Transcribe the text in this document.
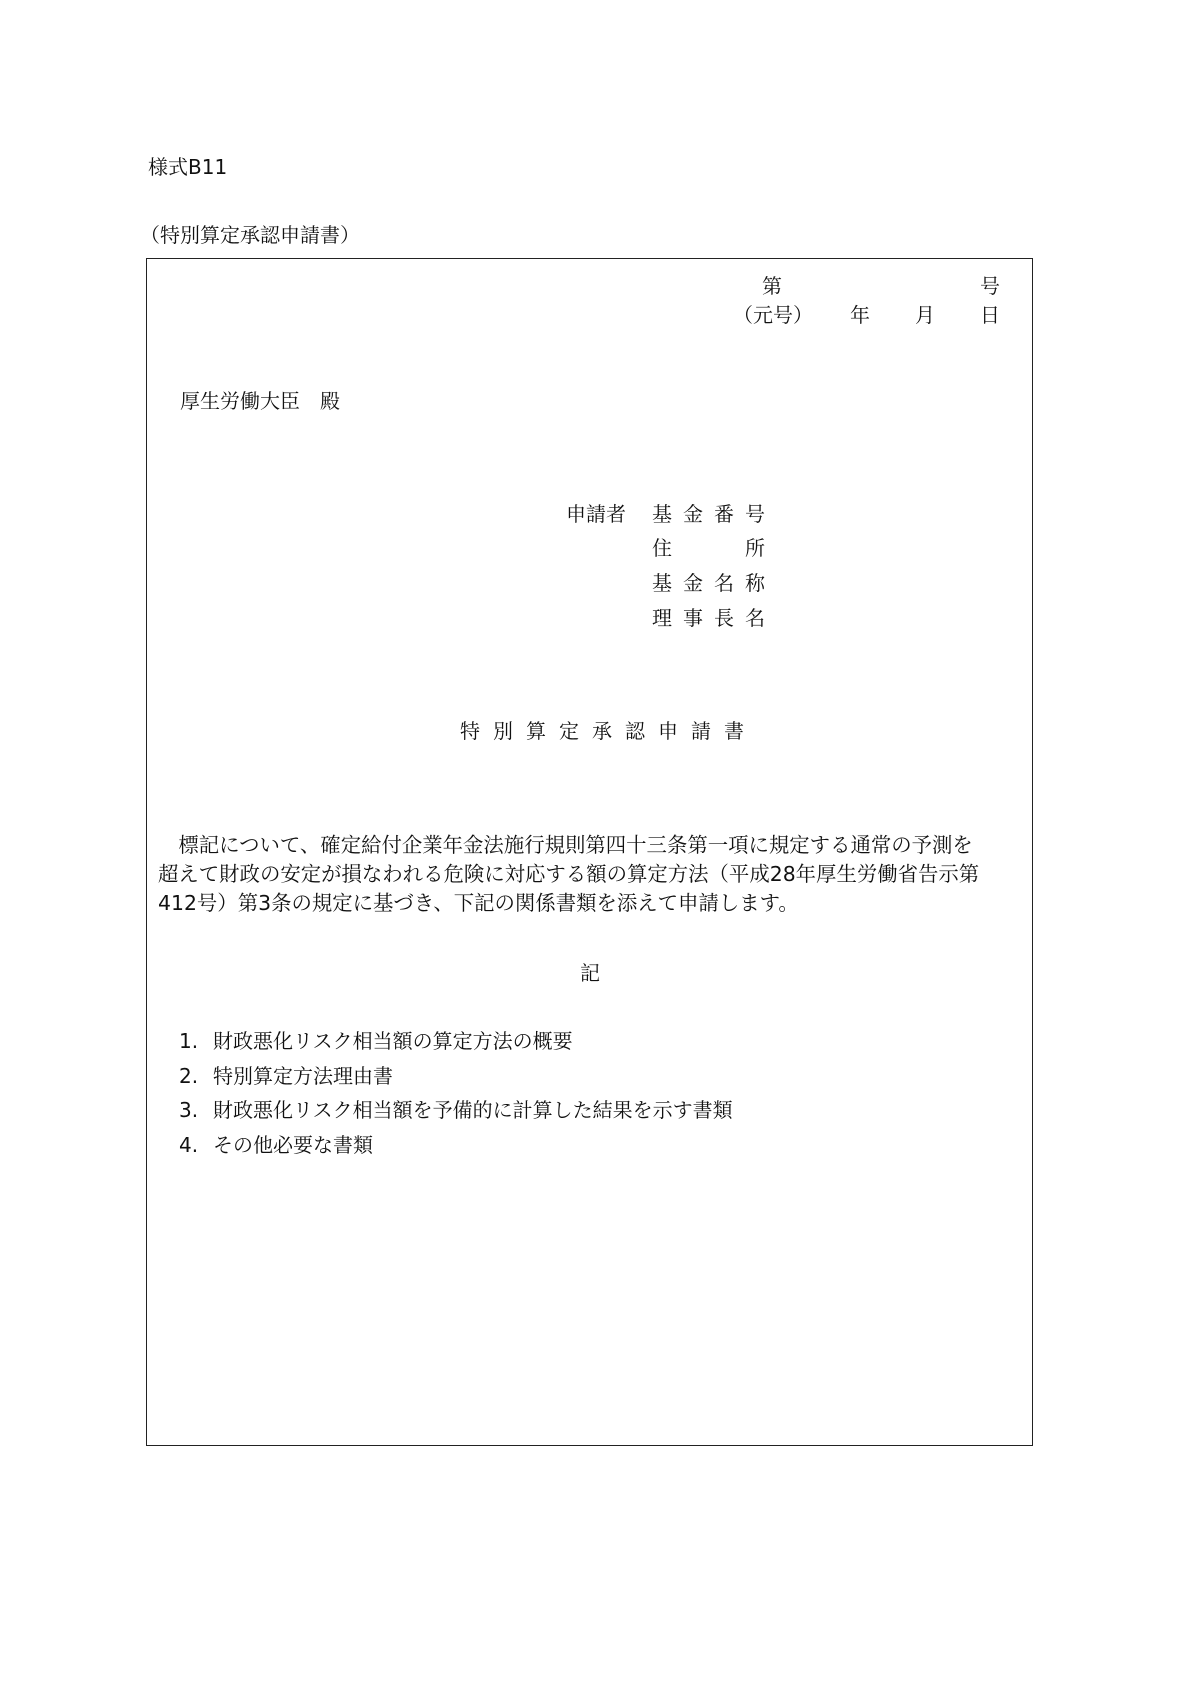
様式B11
（特別算定承認申請書）
第	号
（元号） 年 月 日
厚生労働大臣　殿
申請者 基金番号
住　　所
基金名称
理事長名
特別算定承認申請書
　標記について、確定給付企業年金法施行規則第四十三条第一項に規定する通常の予測を
超えて財政の安定が損なわれる危険に対応する額の算定方法（平成28年厚生労働省告示第
412号）第3条の規定に基づき、下記の関係書類を添えて申請します。
記
1. 財政悪化リスク相当額の算定方法の概要
2. 特別算定方法理由書
3. 財政悪化リスク相当額を予備的に計算した結果を示す書類
4. その他必要な書類
